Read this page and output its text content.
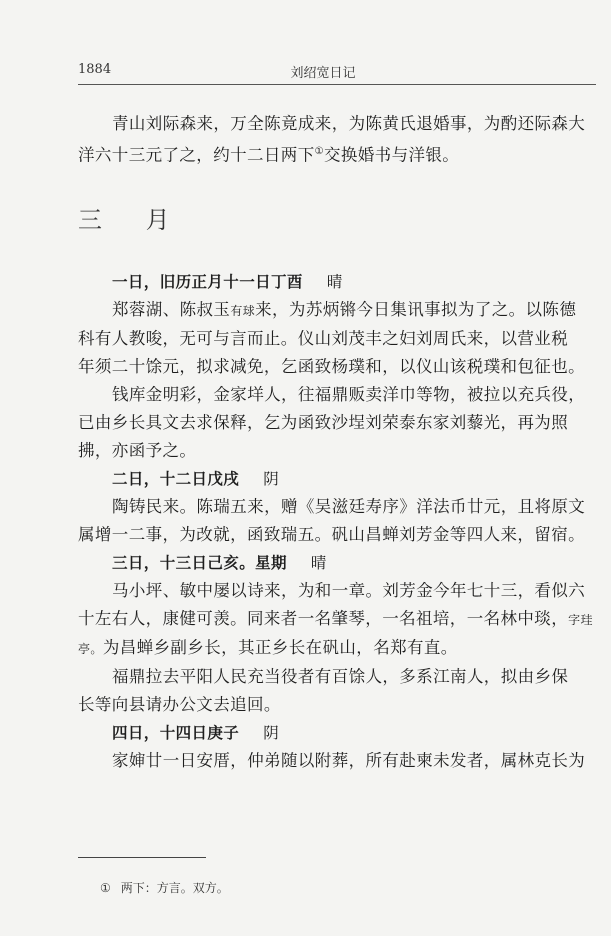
1884	刘绍宽日记

青山刘际森来，万全陈竟成来，为陈黄氏退婚事，为酌还际森大

洋六十三元了之，约十二日两下①交换婚书与洋银。

三 月

一日，旧历正月十一日丁酉 晴

郑蓉湖、陈叔玉有球来，为苏炳锵今日集讯事拟为了之。以陈德

科有人教唆，无可与言而止。仪山刘茂丰之妇刘周氏来，以营业税

年须二十馀元，拟求减免，乞函致杨璞和，以仪山该税璞和包征也。

钱库金明彩，金家垟人，往福鼎贩卖洋巾等物，被拉以充兵役，

已由乡长具文去求保释，乞为函致沙埕刘荣泰东家刘藜光，再为照

拂，亦函予之。

二日，十二日戊戌 阴

陶铸民来。陈瑞五来，赠《吴滋廷寿序》洋法币廿元，且将原文

属增一二事，为改就，函致瑞五。矾山昌蝉刘芳金等四人来，留宿。

三日，十三日己亥。星期 晴

马小坪、敏中屡以诗来，为和一章。刘芳金今年七十三，看似六

十左右人，康健可羡。同来者一名肇琴，一名祖培，一名林中琰，字珪

亭。为昌蝉乡副乡长，其正乡长在矾山，名郑有直。

福鼎拉去平阳人民充当役者有百馀人，多系江南人，拟由乡保

长等向县请办公文去追回。

四日，十四日庚子 阴

家婶廿一日安厝，仲弟随以附葬，所有赴柬未发者，属林克长为

① 两下：方言。双方。
